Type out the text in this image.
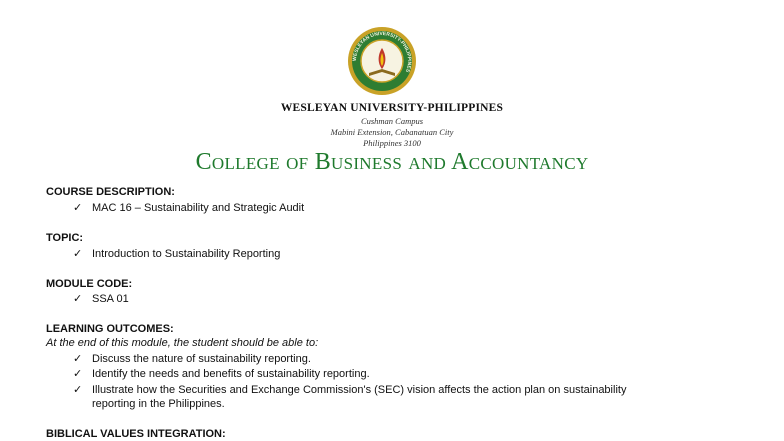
WESLEYAN UNIVERSITY-PHILIPPINES
WESLEYAN UNIVERSITY-PHILIPPINES
Cushman Campus
Mabini Extension, Cabanatuan City
Philippines 3100
College of Business and Accountancy
COURSE DESCRIPTION:
✓ MAC 16 – Sustainability and Strategic Audit
TOPIC:
✓ Introduction to Sustainability Reporting
MODULE CODE:
✓ SSA 01
LEARNING OUTCOMES:
At the end of this module, the student should be able to:
✓ Discuss the nature of sustainability reporting.
✓ Identify the needs and benefits of sustainability reporting.
✓ Illustrate how the Securities and Exchange Commission's (SEC) vision affects the action plan on sustainability
reporting in the Philippines.
BIBLICAL VALUES INTEGRATION:
